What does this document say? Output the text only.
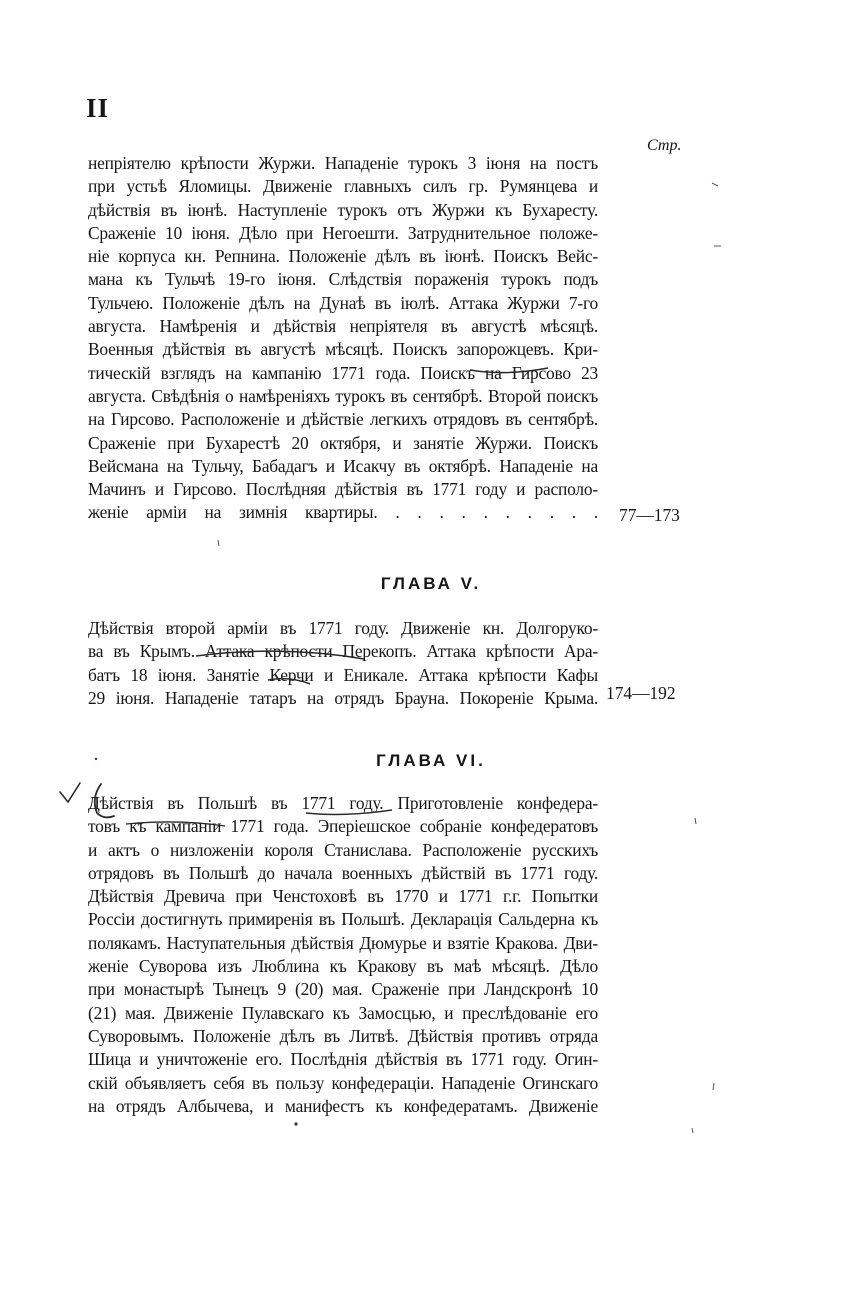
II
Стр.
непріятелю крѣпости Журжи. Нападеніе турокъ 3 іюня на постъ
при устьѣ Яломицы. Движеніе главныхъ силъ гр. Румянцева и
дѣйствія въ іюнѣ. Наступленіе турокъ отъ Журжи къ Бухаресту.
Сраженіе 10 іюня. Дѣло при Негоешти. Затруднительное положе-
ніе корпуса кн. Репнина. Положеніе дѣлъ въ іюнѣ. Поискъ Вейс-
мана къ Тульчѣ 19-го іюня. Слѣдствія пораженія турокъ подъ
Тульчею. Положеніе дѣлъ на Дунаѣ въ іюлѣ. Аттака Журжи 7-го
августа. Намѣренія и дѣйствія непріятеля въ августѣ мѣсяцѣ.
Военныя дѣйствія въ августѣ мѣсяцѣ. Поискъ запорожцевъ. Кри-
тическій взглядъ на кампанію 1771 года. Поискъ на Гирсово 23
августа. Свѣдѣнія о намѣреніяхъ турокъ въ сентябрѣ. Второй поискъ
на Гирсово. Расположеніе и дѣйствіе легкихъ отрядовъ въ сентябрѣ.
Сраженіе при Бухарестѣ 20 октября, и занятіе Журжи. Поискъ
Вейсмана на Тульчу, Бабадагъ и Исакчу въ октябрѣ. Нападеніе на
Мачинъ и Гирсово. Послѣдняя дѣйствія въ 1771 году и располо-
женіе арміи на зимнія квартиры. . . . . . . . . . . 77—173
ГЛАВА V.
Дѣйствія второй арміи въ 1771 году. Движеніе кн. Долгоруко-
ва въ Крымъ. Аттака крѣпости Перекопъ. Аттака крѣпости Ара-
батъ 18 іюня. Занятіе Керчи и Еникале. Аттака крѣпости Кафы
29 іюня. Нападеніе татаръ на отрядъ Брауна. Покореніе Крыма. 174—192
ГЛАВА VI.
Дѣйствія въ Польшѣ въ 1771 году. Приготовленіе конфедера-
товъ къ кампаніи 1771 года. Эперіешское собраніе конфедератовъ
и актъ о низложеніи короля Станислава. Расположеніе русскихъ
отрядовъ въ Польшѣ до начала военныхъ дѣйствій въ 1771 году.
Дѣйствія Древича при Ченстоховѣ въ 1770 и 1771 г.г. Попытки
Россіи достигнуть примиренія въ Польшѣ. Декларація Сальдерна къ
полякамъ. Наступательныя дѣйствія Дюмурье и взятіе Кракова. Дви-
женіе Суворова изъ Люблина къ Кракову въ маѣ мѣсяцѣ. Дѣло
при монастырѣ Тынецъ 9 (20) мая. Сраженіе при Ландскронѣ 10
(21) мая. Движеніе Пулавскаго къ Замосцью, и преслѣдованіе его
Суворовымъ. Положеніе дѣлъ въ Литвѣ. Дѣйствія противъ отряда
Шица и уничтоженіе его. Послѣднія дѣйствія въ 1771 году. Огин-
скій объявляетъ себя въ пользу конфедераціи. Нападеніе Огинскаго
на отрядъ Албычева, и манифестъ къ конфедератамъ. Движеніе
